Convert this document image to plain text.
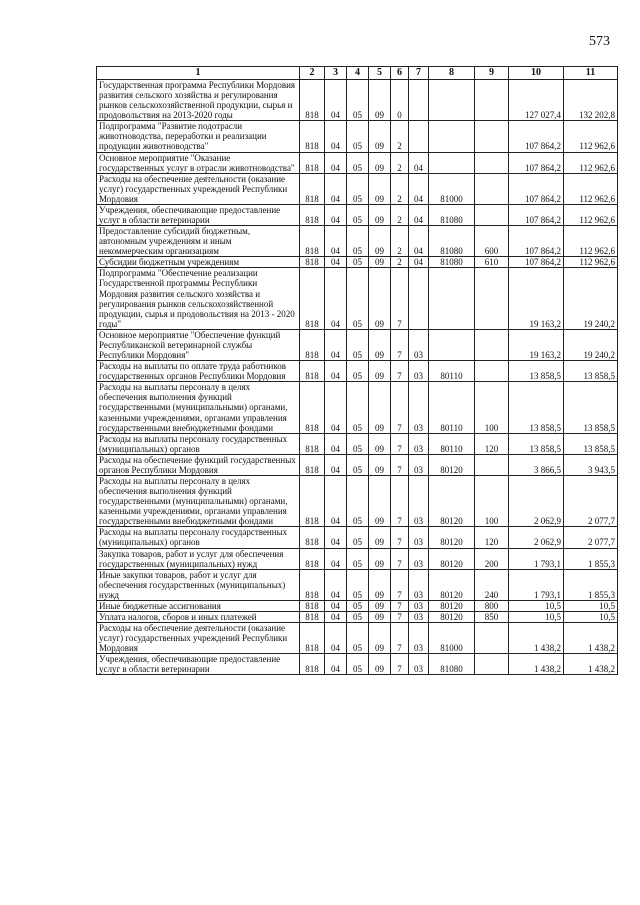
573
1	2	3	4	5	6	7	8	9	10	11
Государственная программа Республики Мордовия развития сельского хозяйства и регулирования рынков сельскохозяйственной продукции, сырья и продовольствия на 2013-2020 годы	818	04	05	09	0				127 027,4	132 202,8
Подпрограмма "Развитие подотрасли животноводства, переработки и реализации продукции животноводства"	818	04	05	09	2				107 864,2	112 962,6
Основное мероприятие "Оказание государственных услуг в отрасли животноводства"	818	04	05	09	2	04			107 864,2	112 962,6
Расходы на обеспечение деятельности (оказание услуг) государственных учреждений Республики Мордовия	818	04	05	09	2	04	81000		107 864,2	112 962,6
Учреждения, обеспечивающие предоставление услуг в области ветеринарии	818	04	05	09	2	04	81080		107 864,2	112 962,6
Предоставление субсидий бюджетным, автономным учреждениям и иным некоммерческим организациям	818	04	05	09	2	04	81080	600	107 864,2	112 962,6
Субсидии бюджетным учреждениям	818	04	05	09	2	04	81080	610	107 864,2	112 962,6
Подпрограмма "Обеспечение реализации Государственной программы Республики Мордовия развития сельского хозяйства и регулирования рынков сельскохозяйственной продукции, сырья и продовольствия на 2013 - 2020 годы"	818	04	05	09	7				19 163,2	19 240,2
Основное мероприятие "Обеспечение функций Республиканской ветеринарной службы Республики Мордовия"	818	04	05	09	7	03			19 163,2	19 240,2
Расходы на выплаты по оплате труда работников государственных органов Республики Мордовия	818	04	05	09	7	03	80110		13 858,5	13 858,5
Расходы на выплаты персоналу в целях обеспечения выполнения функций государственными (муниципальными) органами, казенными учреждениями, органами управления государственными внебюджетными фондами	818	04	05	09	7	03	80110	100	13 858,5	13 858,5
Расходы на выплаты персоналу государственных (муниципальных) органов	818	04	05	09	7	03	80110	120	13 858,5	13 858,5
Расходы на обеспечение функций государственных органов Республики Мордовия	818	04	05	09	7	03	80120		3 866,5	3 943,5
Расходы на выплаты персоналу в целях обеспечения выполнения функций государственными (муниципальными) органами, казенными учреждениями, органами управления государственными внебюджетными фондами	818	04	05	09	7	03	80120	100	2 062,9	2 077,7
Расходы на выплаты персоналу государственных (муниципальных) органов	818	04	05	09	7	03	80120	120	2 062,9	2 077,7
Закупка товаров, работ и услуг для обеспечения государственных (муниципальных) нужд	818	04	05	09	7	03	80120	200	1 793,1	1 855,3
Иные закупки товаров, работ и услуг для обеспечения государственных (муниципальных) нужд	818	04	05	09	7	03	80120	240	1 793,1	1 855,3
Иные бюджетные ассигнования	818	04	05	09	7	03	80120	800	10,5	10,5
Уплата налогов, сборов и иных платежей	818	04	05	09	7	03	80120	850	10,5	10,5
Расходы на обеспечение деятельности (оказание услуг) государственных учреждений Республики Мордовия	818	04	05	09	7	03	81000		1 438,2	1 438,2
Учреждения, обеспечивающие предоставление услуг в области ветеринарии	818	04	05	09	7	03	81080		1 438,2	1 438,2
